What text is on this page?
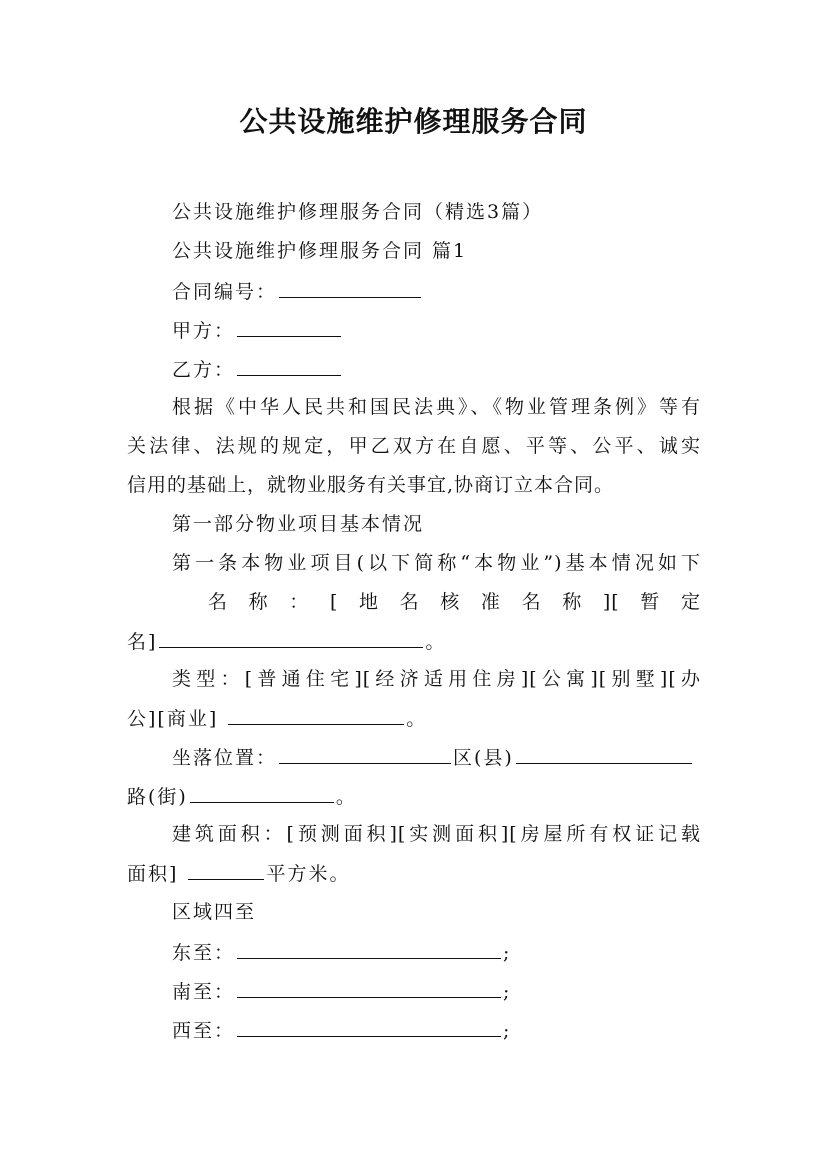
公共设施维护修理服务合同
公共设施维护修理服务合同（精选3篇）
公共设施维护修理服务合同 篇1
合同编号：
甲方：
乙方：
根据《中华人民共和国民法典》、《物业管理条例》等有
关法律、法规的规定，甲乙双方在自愿、平等、公平、诚实
信用的基础上，就物业服务有关事宜,协商订立本合同。
第一部分物业项目基本情况
第一条本物业项目(以下简称“本物业”)基本情况如下
名称：[地名核准名称][暂定
名]	。
类型：[普通住宅][经济适用住房][公寓][别墅][办
公][商业]	。
坐落位置：	区(县)
路(街)	。
建筑面积：[预测面积][实测面积][房屋所有权证记载
面积]	平方米。
区域四至
东至：	;
南至：	;
西至：	;
